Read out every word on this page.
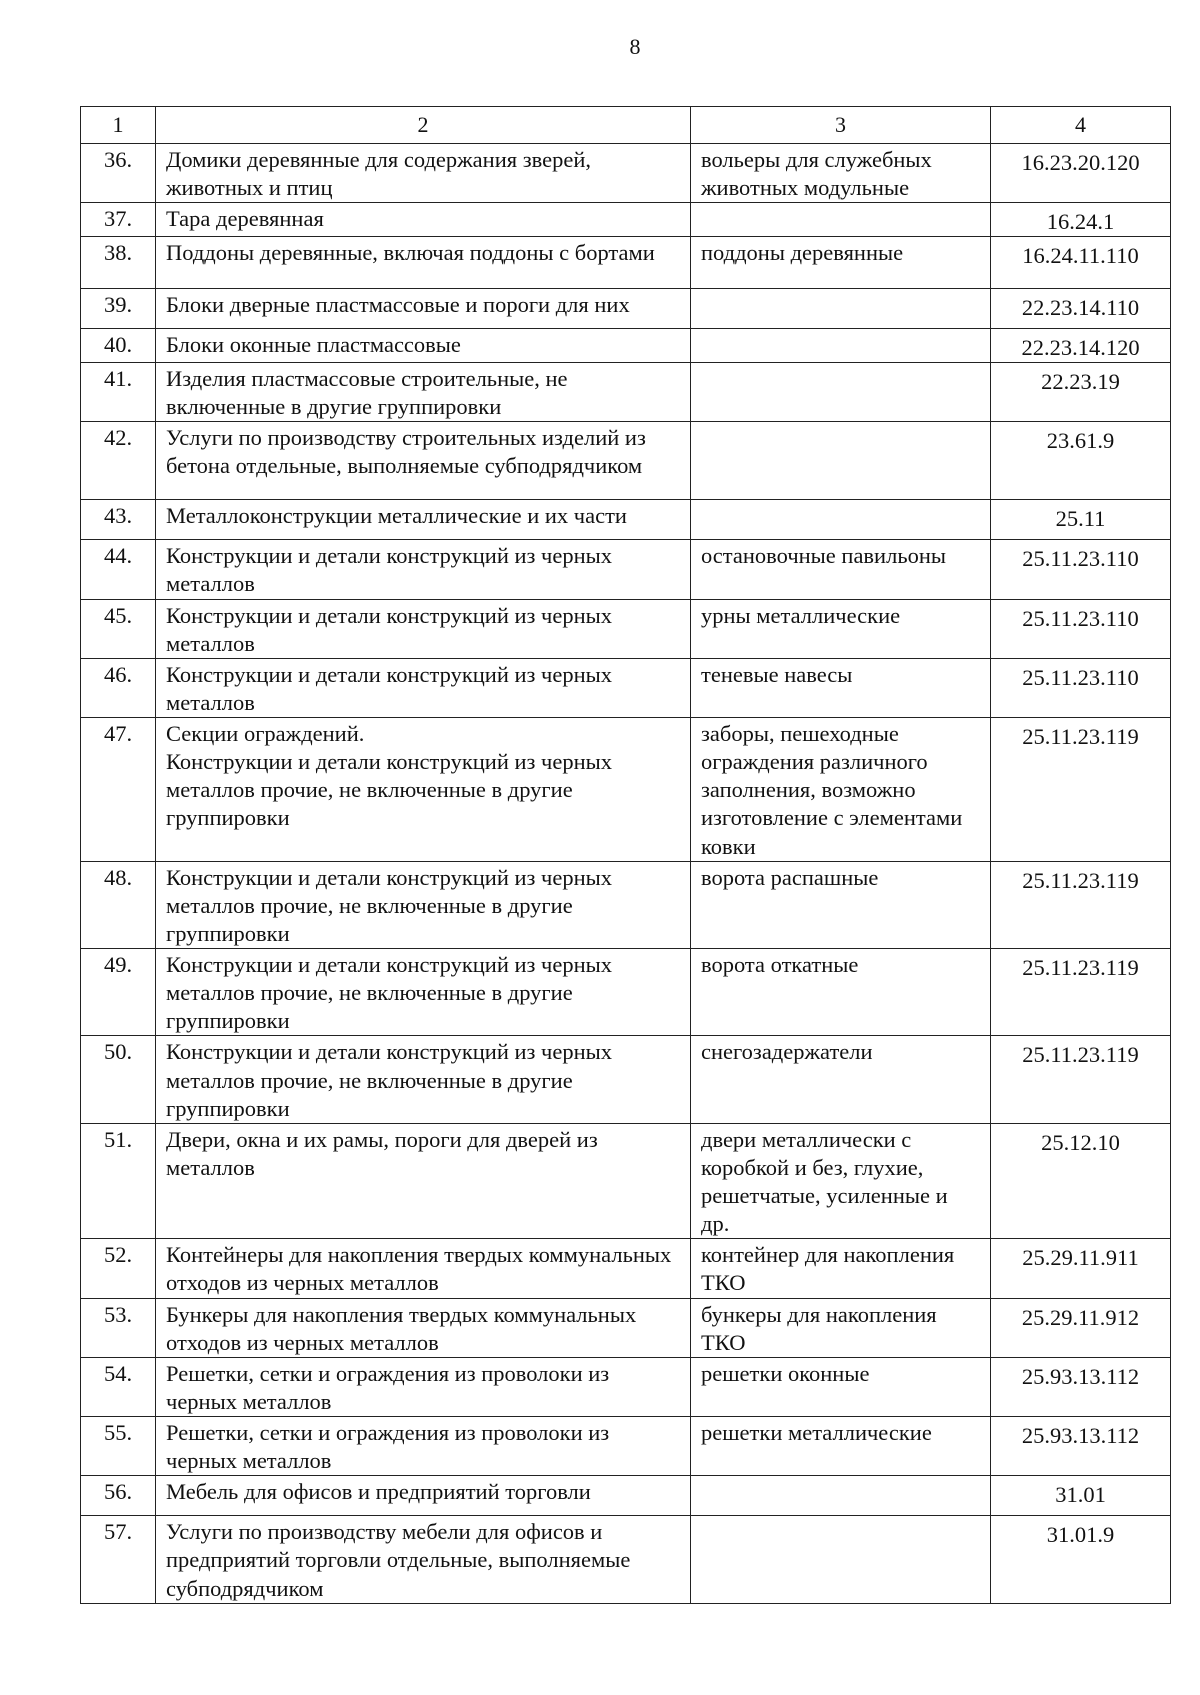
8
1	2	3	4
36.	Домики деревянные для содержания зверей, животных и птиц	вольеры для служебных животных модульные	16.23.20.120
37.	Тара деревянная		16.24.1
38.	Поддоны деревянные, включая поддоны с бортами	поддоны деревянные	16.24.11.110
39.	Блоки дверные пластмассовые и пороги для них		22.23.14.110
40.	Блоки оконные пластмассовые		22.23.14.120
41.	Изделия пластмассовые строительные, не включенные в другие группировки		22.23.19
42.	Услуги по производству строительных изделий из бетона отдельные, выполняемые субподрядчиком		23.61.9
43.	Металлоконструкции металлические и их части		25.11
44.	Конструкции и детали конструкций из черных металлов	остановочные павильоны	25.11.23.110
45.	Конструкции и детали конструкций из черных металлов	урны металлические	25.11.23.110
46.	Конструкции и детали конструкций из черных металлов	теневые навесы	25.11.23.110
47.	Секции ограждений.
Конструкции и детали конструкций из черных металлов прочие, не включенные в другие группировки	заборы, пешеходные ограждения различного заполнения, возможно изготовление с элементами ковки	25.11.23.119
48.	Конструкции и детали конструкций из черных металлов прочие, не включенные в другие группировки	ворота распашные	25.11.23.119
49.	Конструкции и детали конструкций из черных металлов прочие, не включенные в другие группировки	ворота откатные	25.11.23.119
50.	Конструкции и детали конструкций из черных металлов прочие, не включенные в другие группировки	снегозадержатели	25.11.23.119
51.	Двери, окна и их рамы, пороги для дверей из металлов	двери металлически с коробкой и без, глухие, решетчатые, усиленные и др.	25.12.10
52.	Контейнеры для накопления твердых коммунальных отходов из черных металлов	контейнер для накопления ТКО	25.29.11.911
53.	Бункеры для накопления твердых коммунальных отходов из черных металлов	бункеры для накопления ТКО	25.29.11.912
54.	Решетки, сетки и ограждения из проволоки из черных металлов	решетки оконные	25.93.13.112
55.	Решетки, сетки и ограждения из проволоки из черных металлов	решетки металлические	25.93.13.112
56.	Мебель для офисов и предприятий торговли		31.01
57.	Услуги по производству мебели для офисов и предприятий торговли отдельные, выполняемые субподрядчиком		31.01.9
